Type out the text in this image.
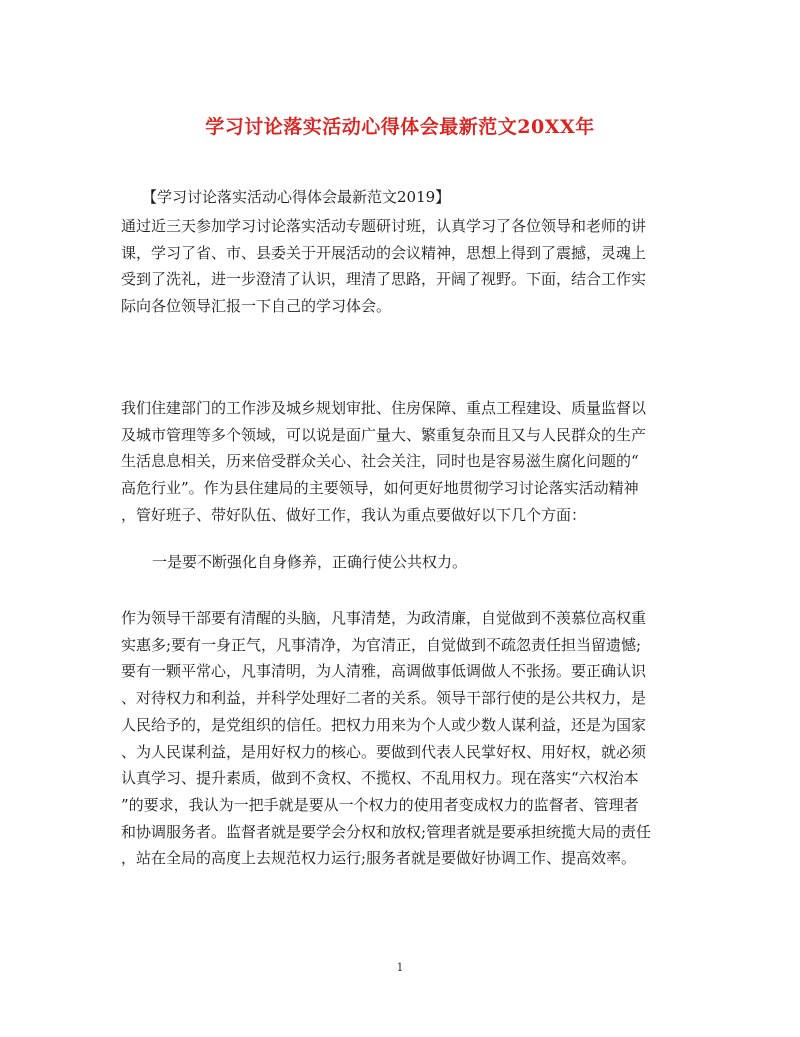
学习讨论落实活动心得体会最新范文20XX年

【学习讨论落实活动心得体会最新范文2019】

通过近三天参加学习讨论落实活动专题研讨班，认真学习了各位领导和老师的讲
课，学习了省、市、县委关于开展活动的会议精神，思想上得到了震撼，灵魂上
受到了洗礼，进一步澄清了认识，理清了思路，开阔了视野。下面，结合工作实
际向各位领导汇报一下自己的学习体会。
我们住建部门的工作涉及城乡规划审批、住房保障、重点工程建设、质量监督以
及城市管理等多个领域，可以说是面广量大、繁重复杂而且又与人民群众的生产
生活息息相关，历来倍受群众关心、社会关注，同时也是容易滋生腐化问题的“
高危行业”。作为县住建局的主要领导，如何更好地贯彻学习讨论落实活动精神
，管好班子、带好队伍、做好工作，我认为重点要做好以下几个方面：

一是要不断强化自身修养，正确行使公共权力。

作为领导干部要有清醒的头脑，凡事清楚，为政清廉，自觉做到不羡慕位高权重
实惠多;要有一身正气，凡事清净，为官清正，自觉做到不疏忽责任担当留遗憾;
要有一颗平常心，凡事清明，为人清雅，高调做事低调做人不张扬。要正确认识
、对待权力和利益，并科学处理好二者的关系。领导干部行使的是公共权力，是
人民给予的，是党组织的信任。把权力用来为个人或少数人谋利益，还是为国家
、为人民谋利益，是用好权力的核心。要做到代表人民掌好权、用好权，就必须
认真学习、提升素质，做到不贪权、不揽权、不乱用权力。现在落实“六权治本
”的要求，我认为一把手就是要从一个权力的使用者变成权力的监督者、管理者
和协调服务者。监督者就是要学会分权和放权;管理者就是要承担统揽大局的责任
，站在全局的高度上去规范权力运行;服务者就是要做好协调工作、提高效率。

1
